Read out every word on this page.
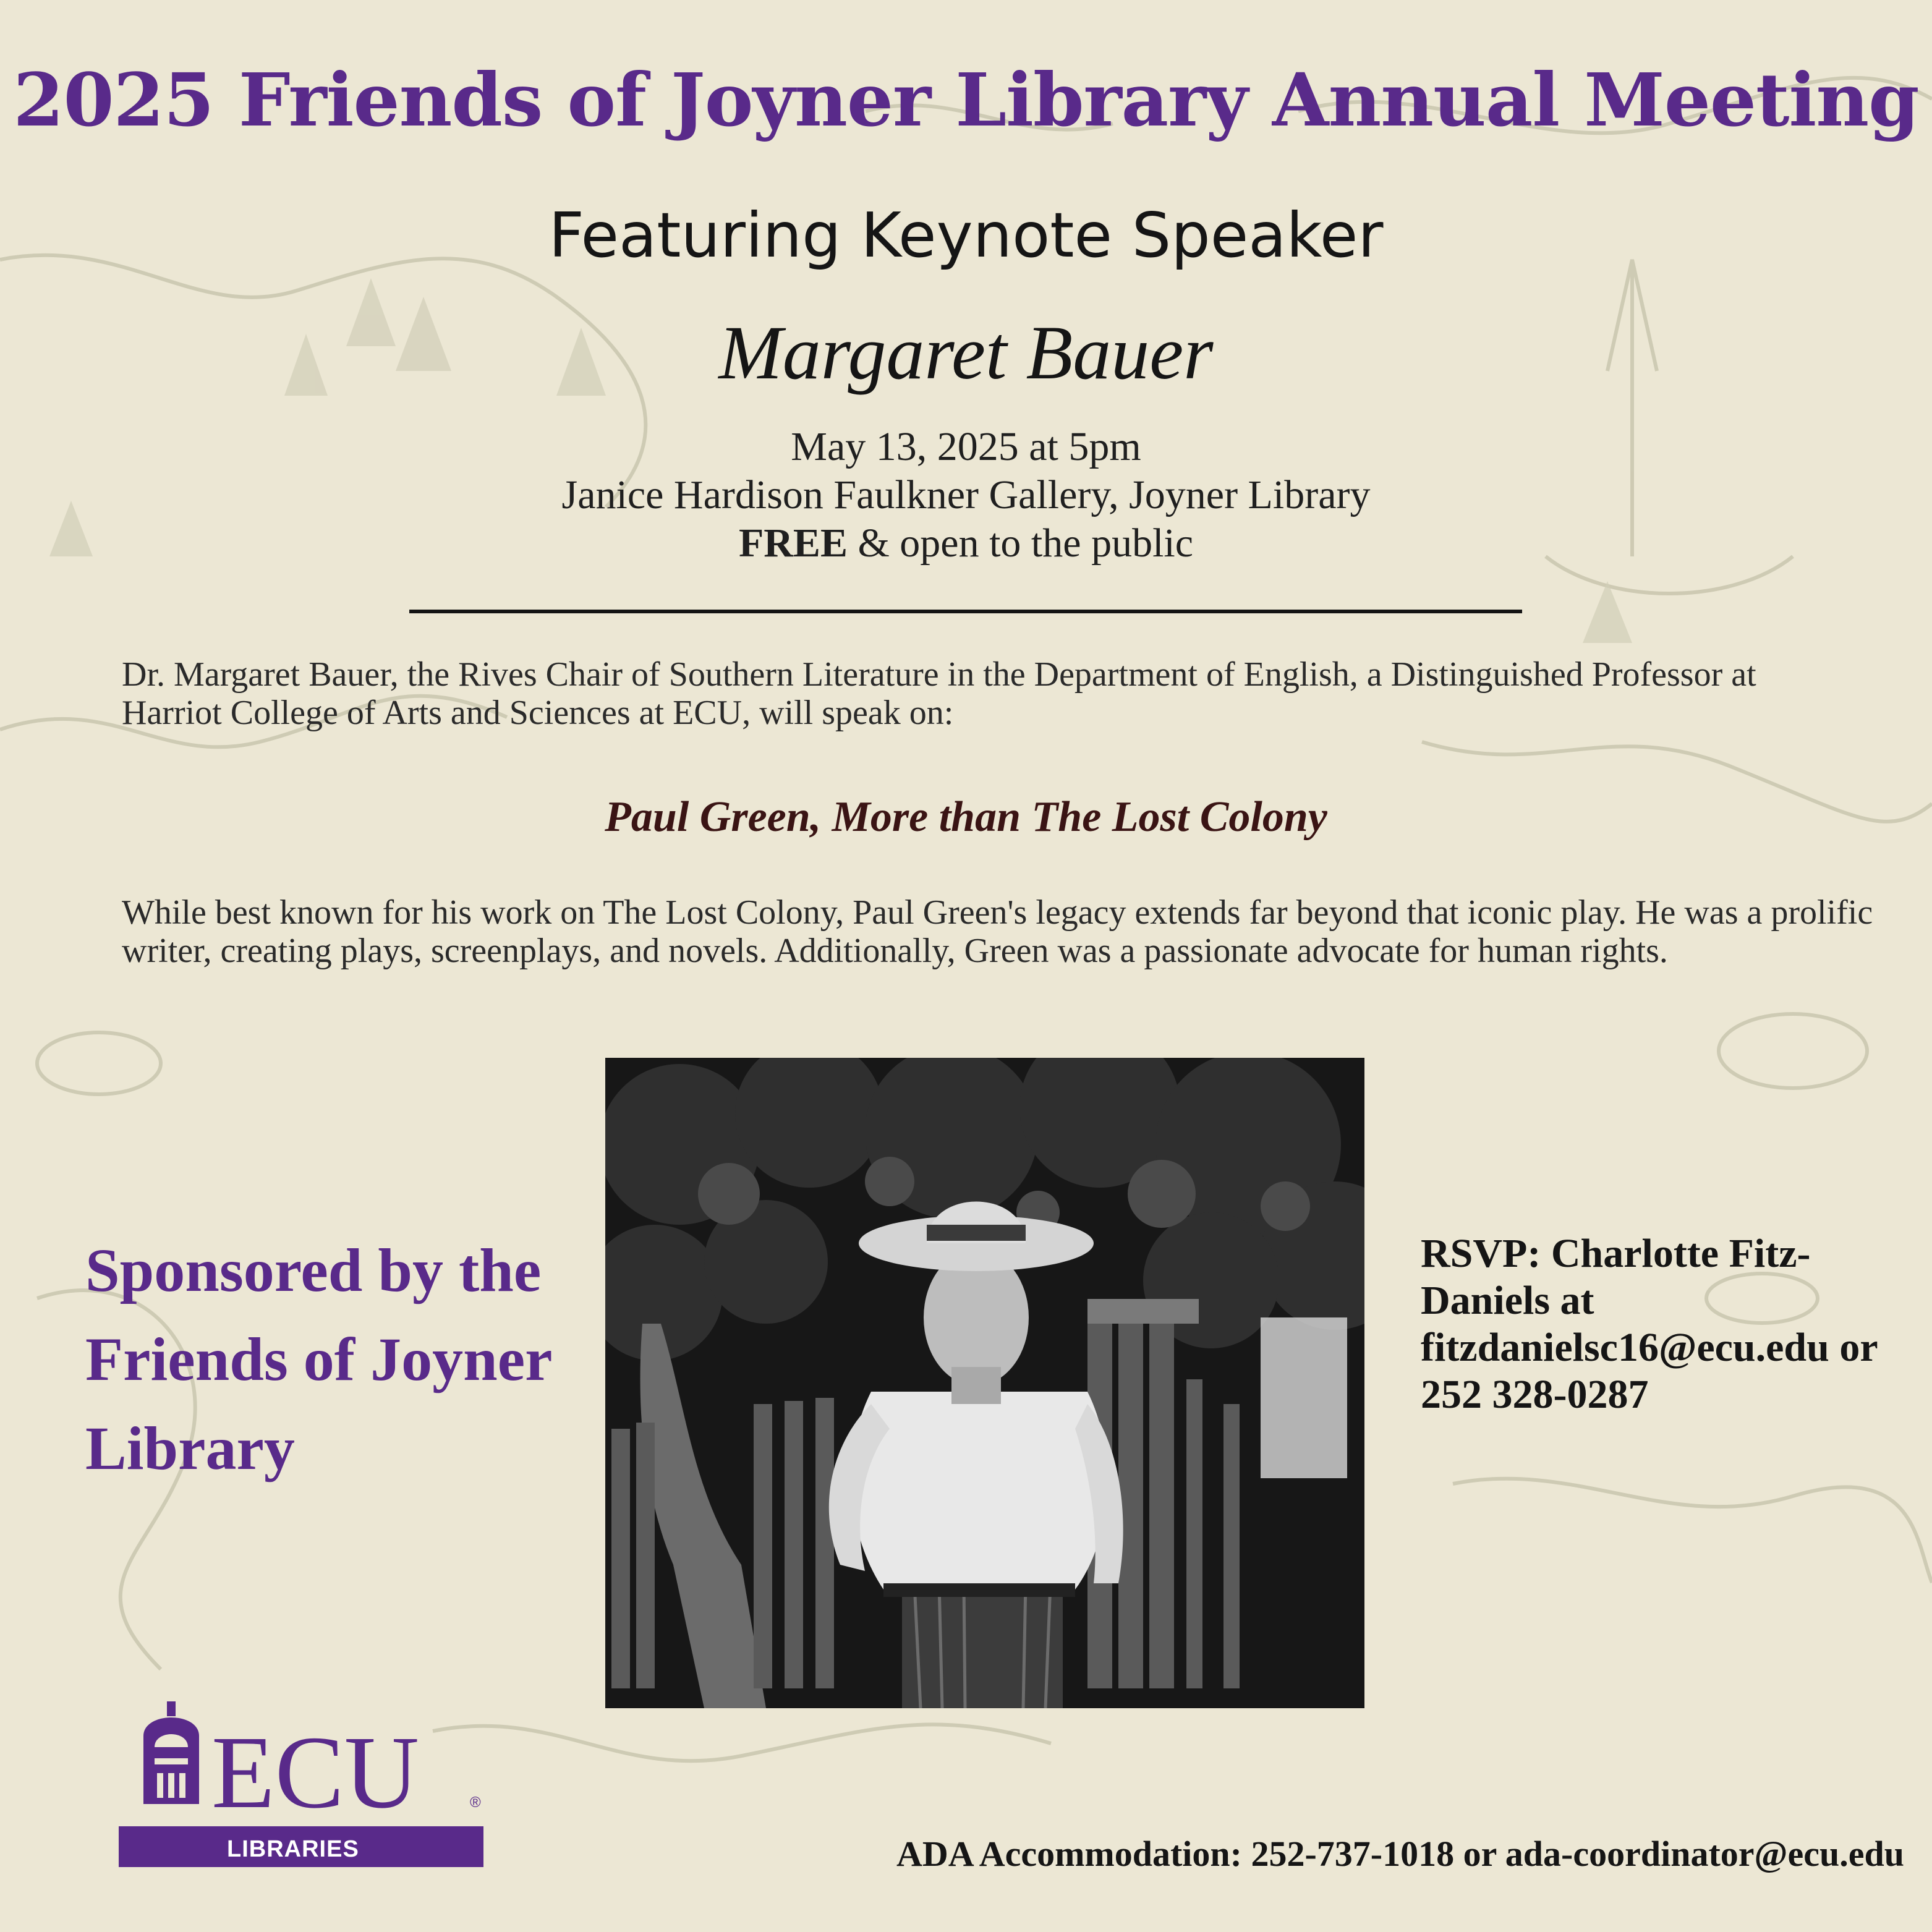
2025 Friends of Joyner Library Annual Meeting
Featuring Keynote Speaker
Margaret Bauer
May 13, 2025 at 5pm
Janice Hardison Faulkner Gallery, Joyner Library
FREE & open to the public
Dr. Margaret Bauer, the Rives Chair of Southern Literature in the Department of English, a Distinguished Professor at Harriot College of Arts and Sciences at ECU, will speak on:
Paul Green, More than The Lost Colony
While best known for his work on The Lost Colony, Paul Green's legacy extends far beyond that iconic play. He was a prolific writer, creating plays, screenplays, and novels. Additionally, Green was a passionate advocate for human rights.
Sponsored by the Friends of Joyner Library
RSVP: Charlotte Fitz-Daniels at fitzdanielsc16@ecu.edu or 252 328-0287
ECU	®
LIBRARIES	ADA Accommodation: 252-737-1018 or ada-coordinator@ecu.edu
